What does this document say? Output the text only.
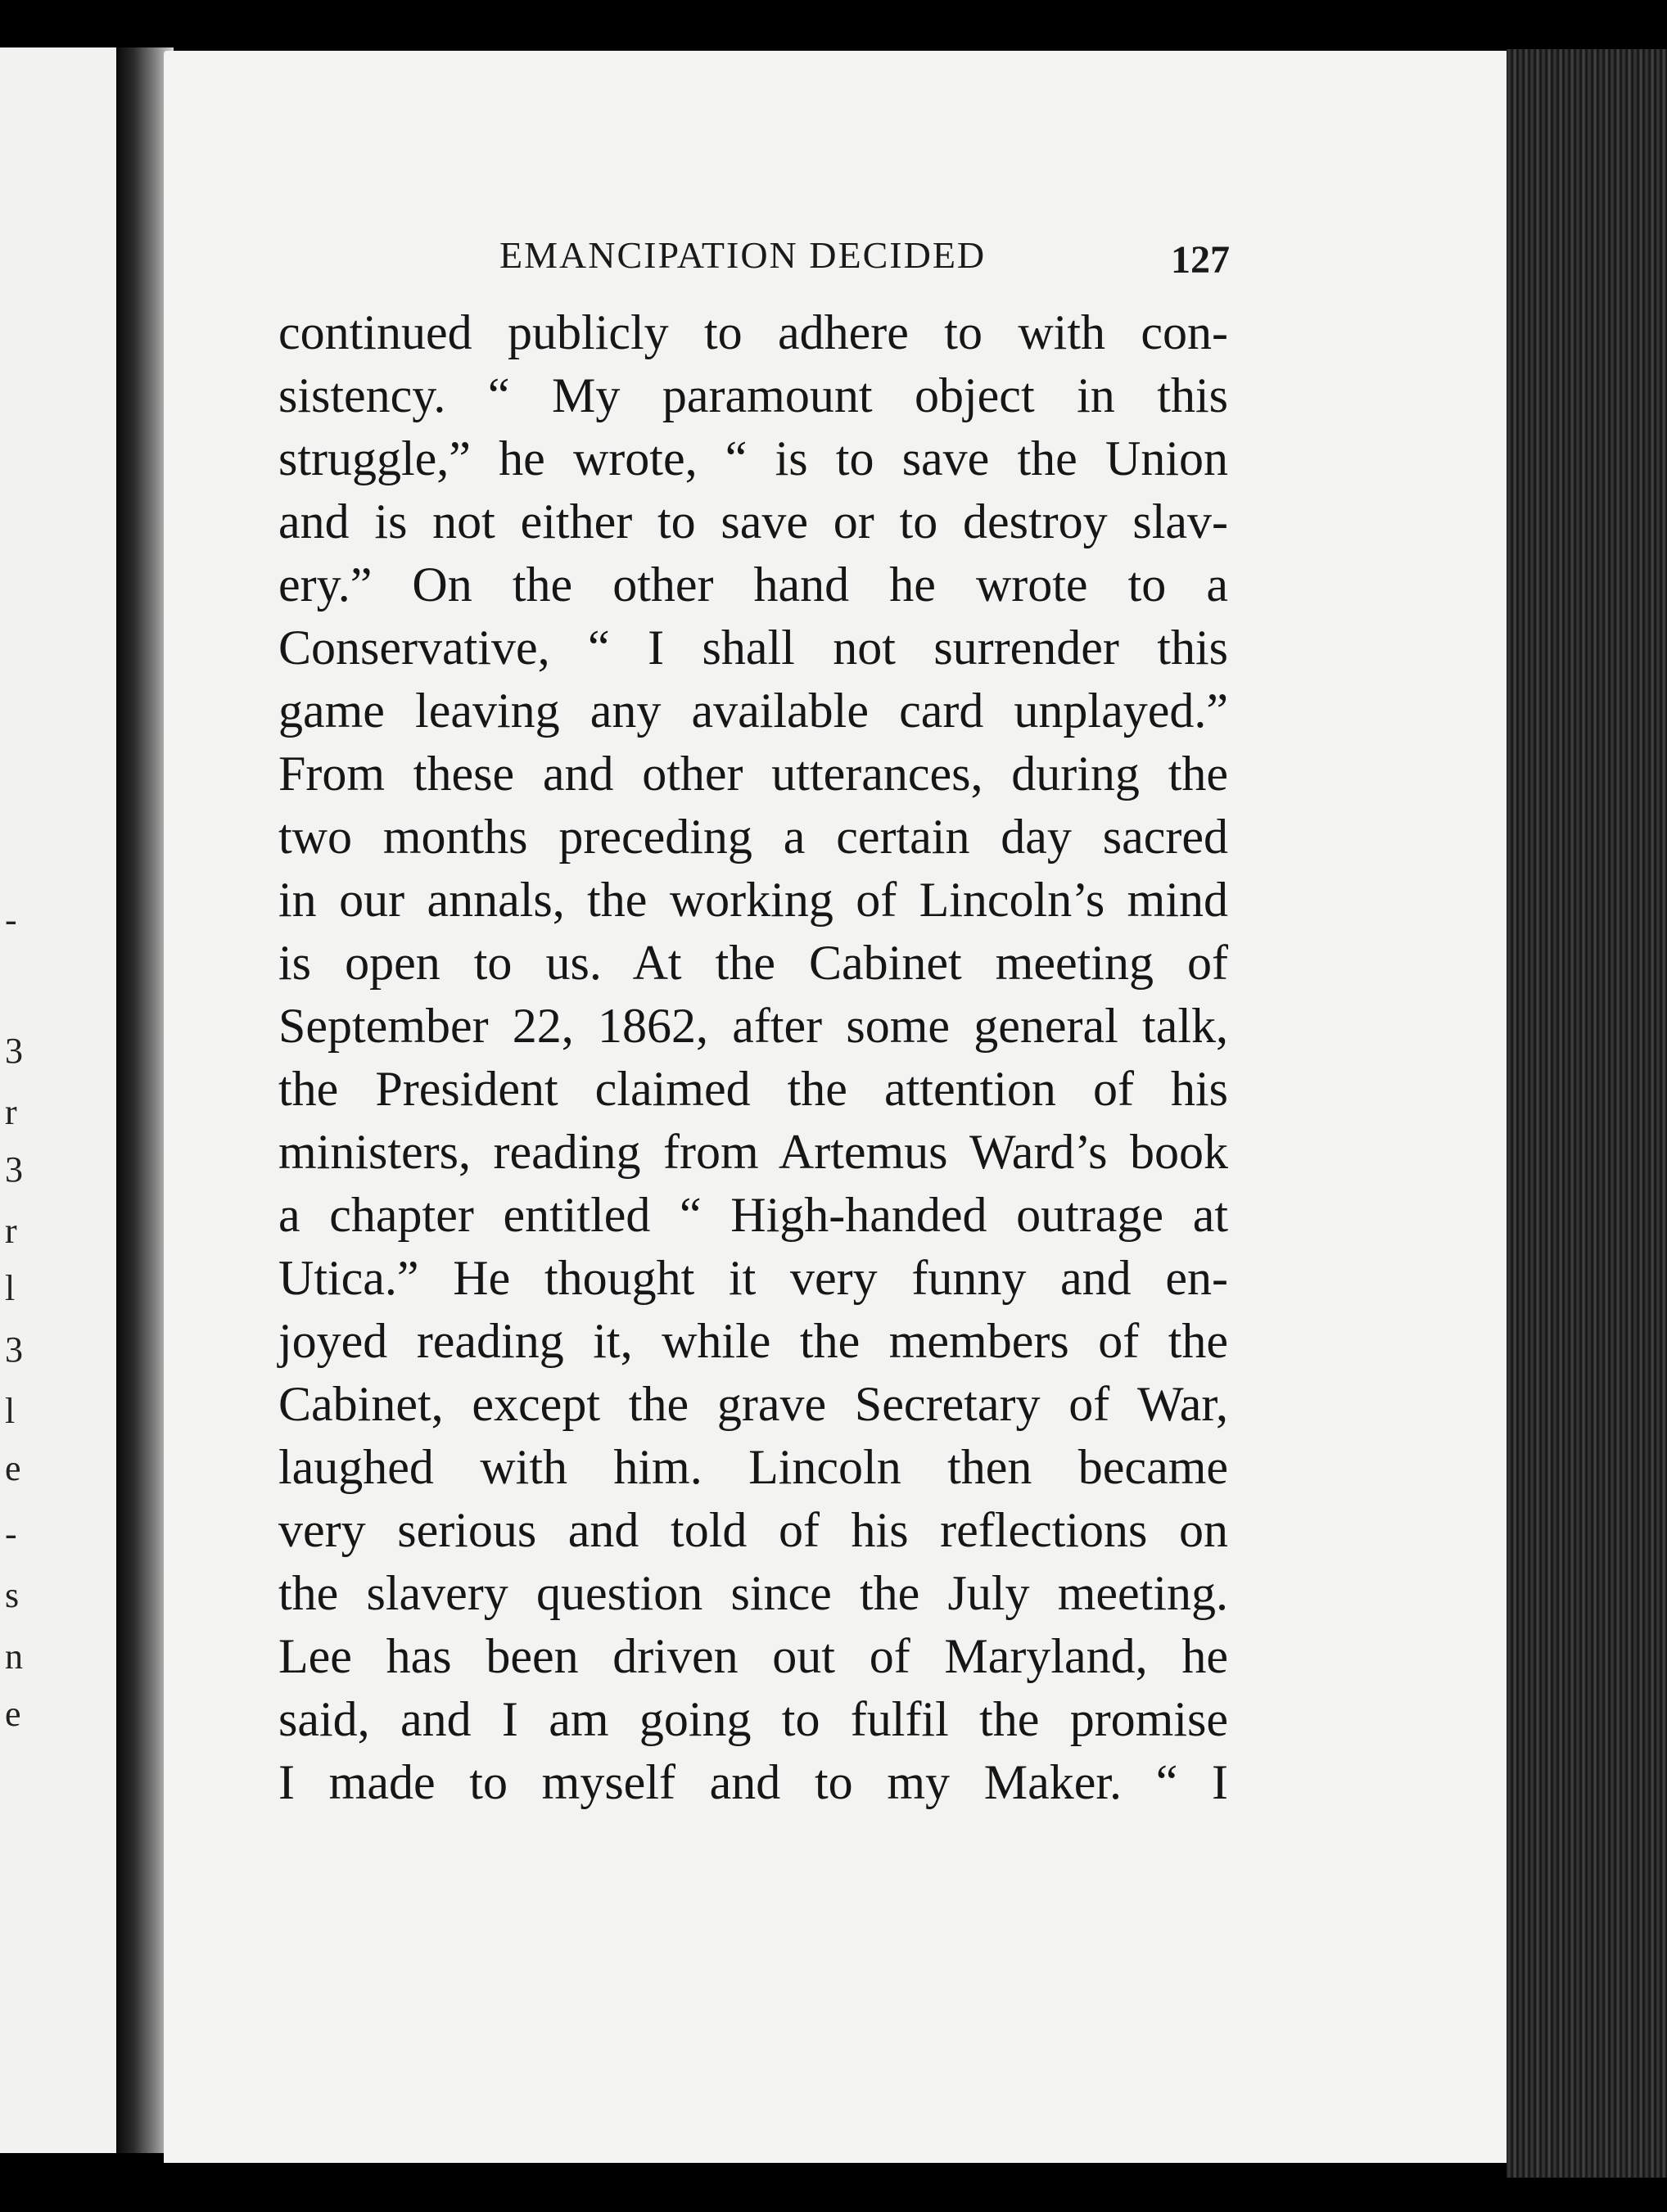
-
3
r
3
r
l
3
l
e
-
s
n
e
EMANCIPATION DECIDED	127
continued publicly to adhere to with con-
sistency. “ My paramount object in this
struggle,” he wrote, “ is to save the Union
and is not either to save or to destroy slav-
ery.” On the other hand he wrote to a
Conservative, “ I shall not surrender this
game leaving any available card unplayed.”
From these and other utterances, during the
two months preceding a certain day sacred
in our annals, the working of Lincoln’s mind
is open to us. At the Cabinet meeting of
September 22, 1862, after some general talk,
the President claimed the attention of his
ministers, reading from Artemus Ward’s book
a chapter entitled “ High-handed outrage at
Utica.” He thought it very funny and en-
joyed reading it, while the members of the
Cabinet, except the grave Secretary of War,
laughed with him. Lincoln then became
very serious and told of his reflections on
the slavery question since the July meeting.
Lee has been driven out of Maryland, he
said, and I am going to fulfil the promise
I made to myself and to my Maker. “ I
